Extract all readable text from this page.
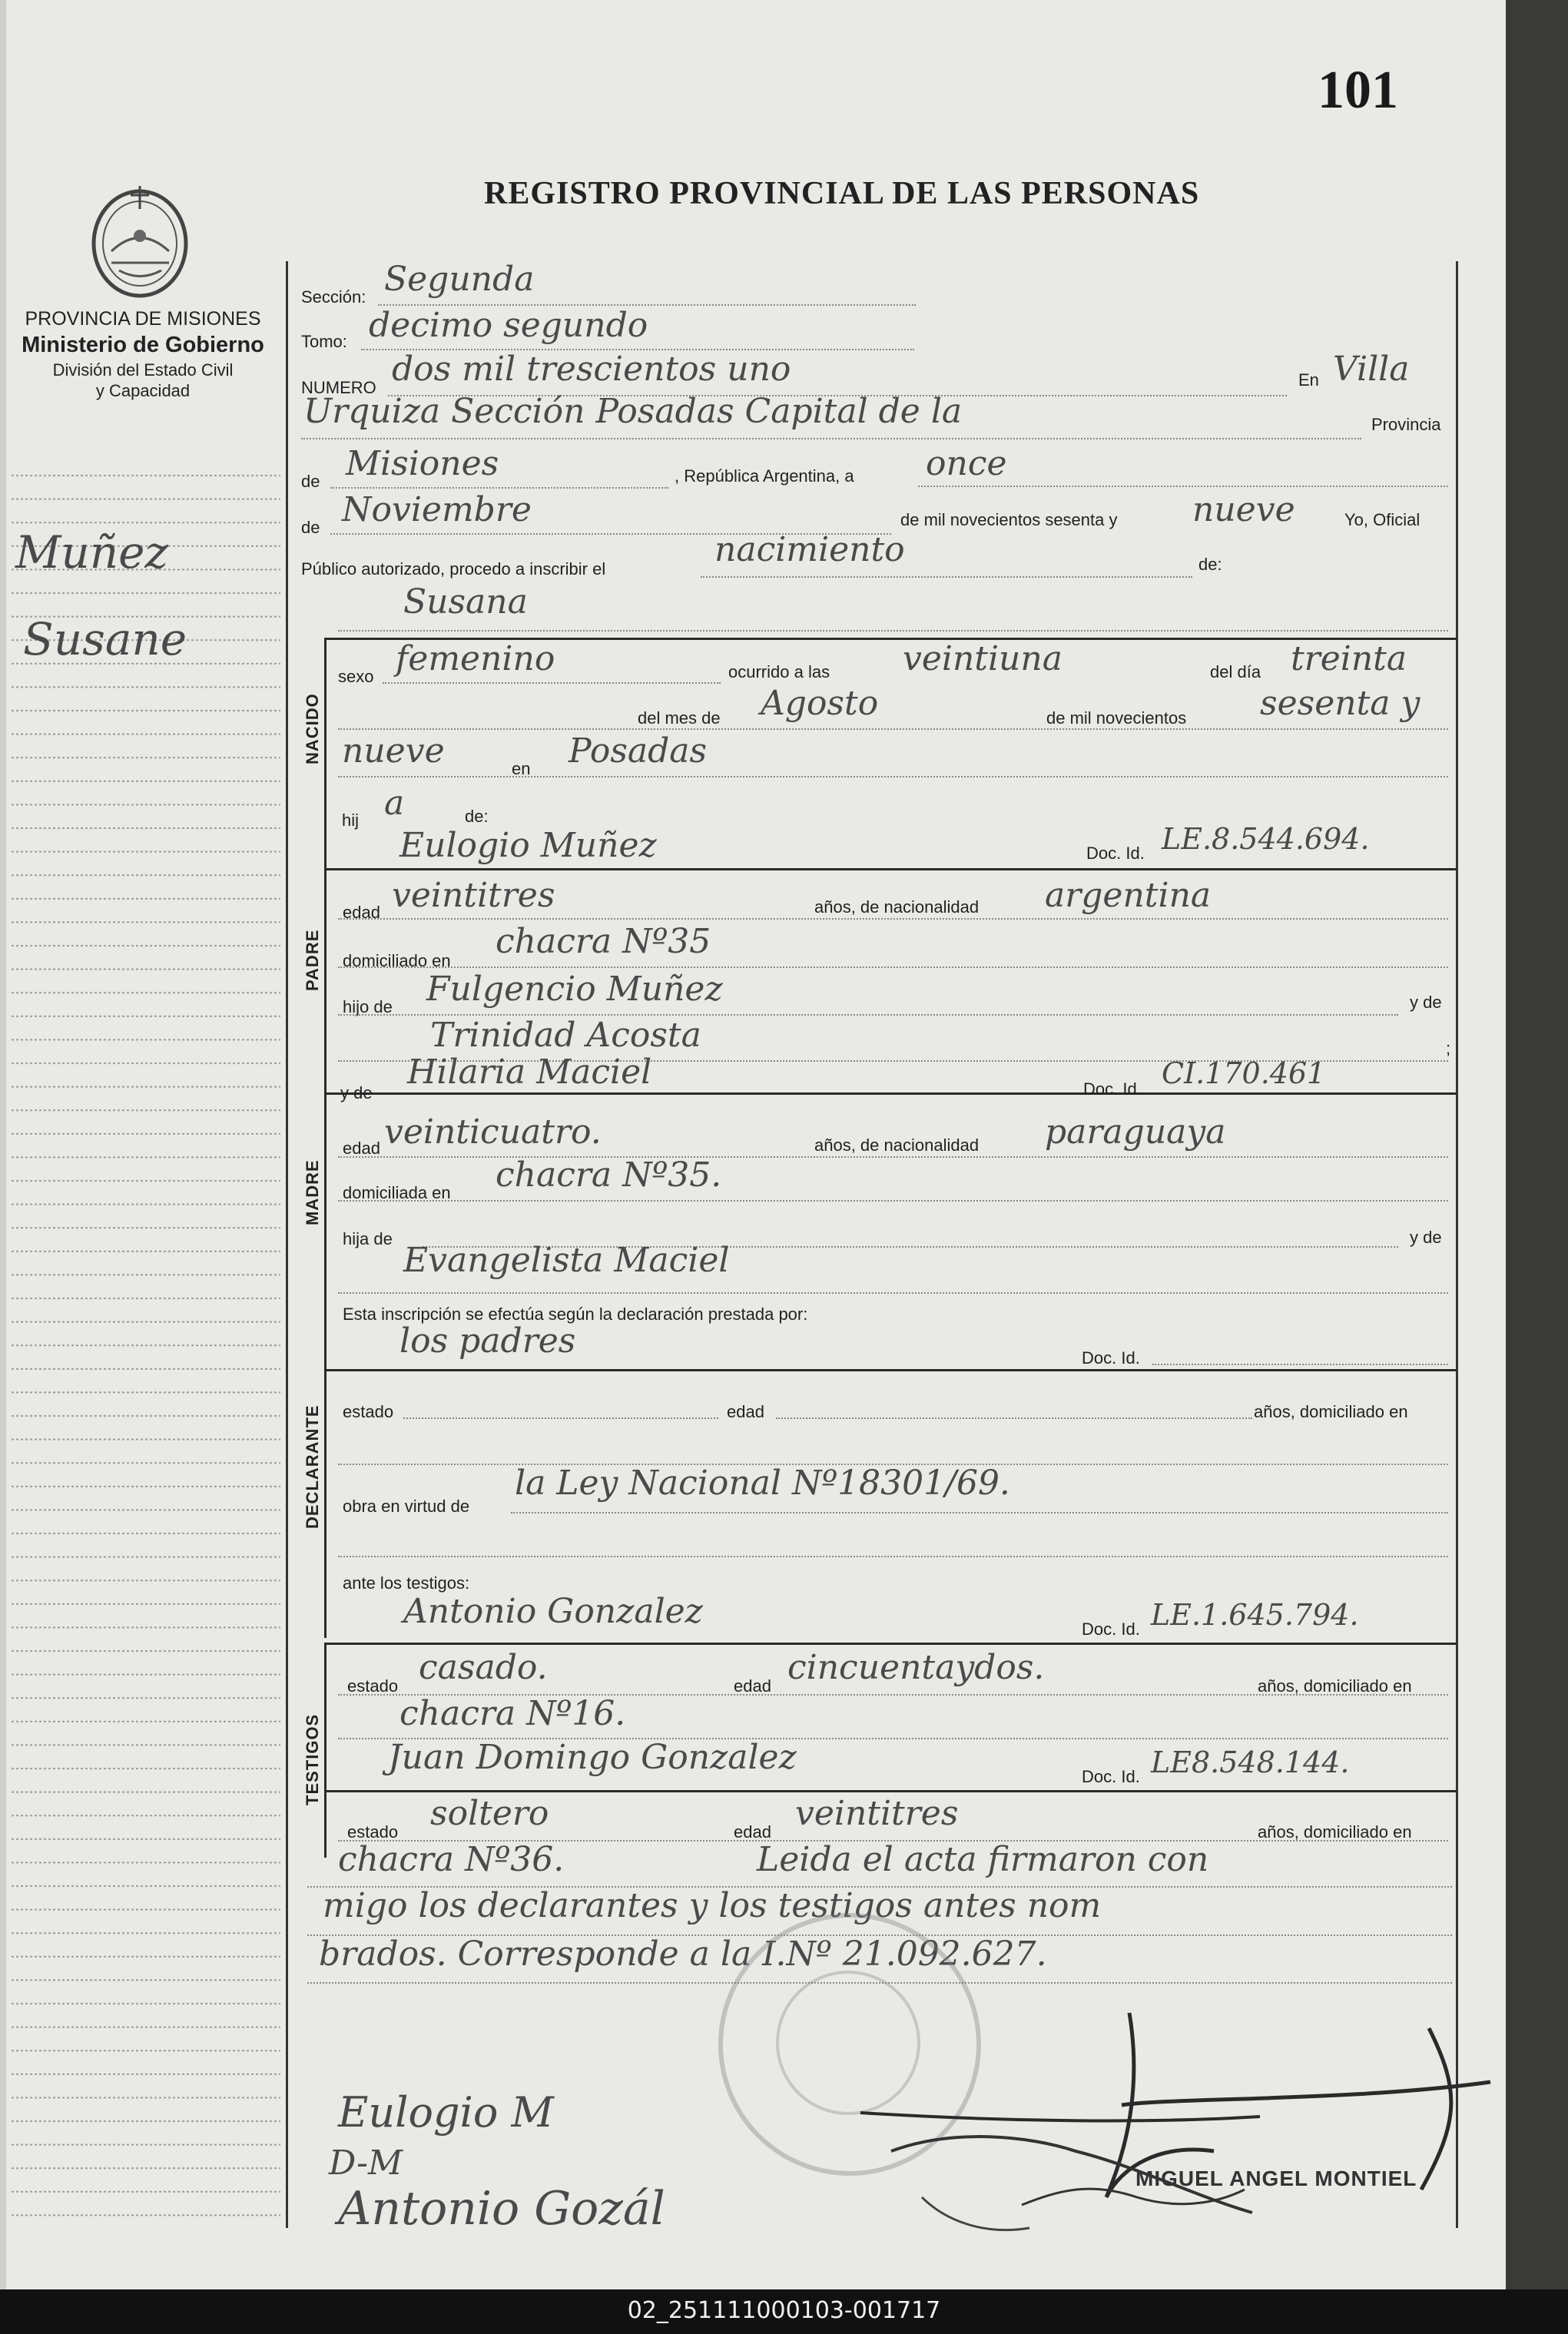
02_251111000103-001717
101
REGISTRO PROVINCIAL DE LAS PERSONAS
PROVINCIA DE MISIONES
Ministerio de Gobierno
División del Estado Civil
y Capacidad
Muñez
Susane
Sección: Segunda
Tomo: decimo segundo
NUMERO dos mil trescientos uno	En Villa
Urquiza Sección Posadas Capital de la	Provincia
de Misiones	, República Argentina, a once
de Noviembre	de mil novecientos sesenta y nueve	Yo, Oficial
Público autorizado, procedo a inscribir el	nacimiento	de:
NACIDO
Susana
sexo femenino	ocurrido a las veintiuna	del día treinta
del mes de Agosto	de mil novecientos sesenta y
nueve	en Posadas
hij a	de:
Eulogio Muñez	Doc. Id. LE.8.544.694.
PADRE
edad veintitres	años, de nacionalidad argentina
domiciliado en chacra Nº35
hijo de Fulgencio Muñez	y de
Trinidad Acosta	;
MADRE
y de
Hilaria Maciel	Doc. Id. CI.170.461
edad veinticuatro.	años, de nacionalidad paraguaya
domiciliada en chacra Nº35.
hija de	y de
Evangelista Maciel
Esta inscripción se efectúa según la declaración prestada por:
los padres	Doc. Id.
DECLARANTE estado	edad	años, domiciliado en
obra en virtud de
la Ley Nacional Nº18301/69.
ante los testigos:
Antonio Gonzalez	Doc. Id. LE.1.645.794.
TESTIGOS
estado casado.	edad cincuentaydos.	años, domiciliado en
chacra Nº16.
Juan Domingo Gonzalez	Doc. Id. LE8.548.144.
estado soltero	edad veintitres	años, domiciliado en
chacra Nº36.	Leida el acta firmaron con
migo los declarantes y los testigos antes nom
brados. Corresponde a la I.Nº 21.092.627.
Eulogio M
D-M
Antonio Gozál
MIGUEL ANGEL MONTIEL
